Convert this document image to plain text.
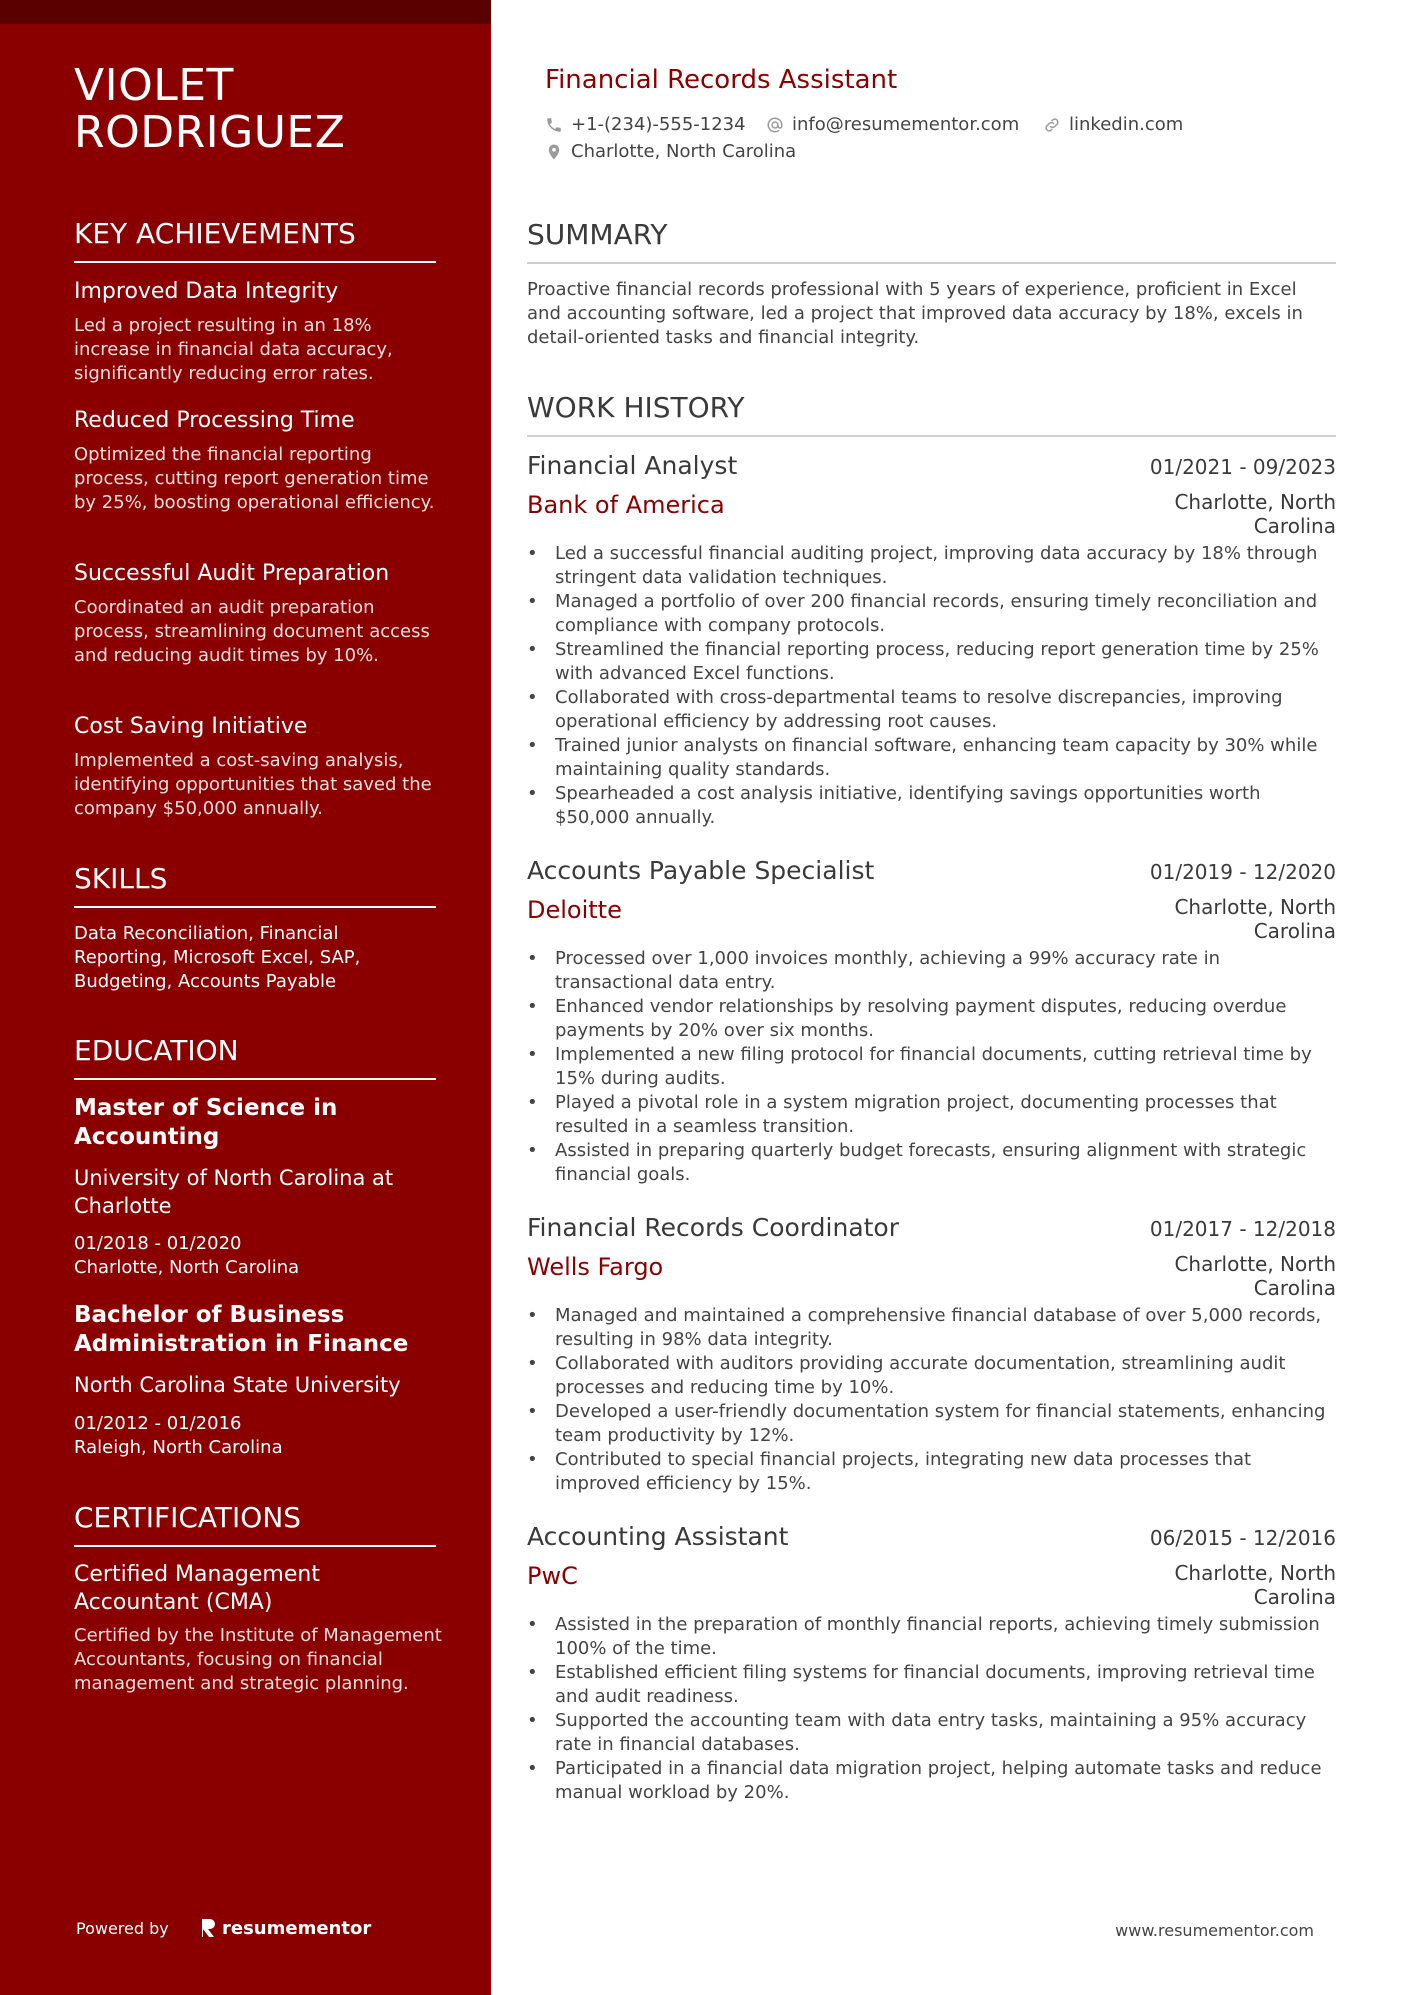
VIOLET RODRIGUEZ
KEY ACHIEVEMENTS
Improved Data Integrity
Led a project resulting in an 18% increase in financial data accuracy, significantly reducing error rates.
Reduced Processing Time
Optimized the financial reporting process, cutting report generation time by 25%, boosting operational efficiency.
Successful Audit Preparation
Coordinated an audit preparation process, streamlining document access and reducing audit times by 10%.
Cost Saving Initiative
Implemented a cost-saving analysis, identifying opportunities that saved the company $50,000 annually.
SKILLS
Data Reconciliation, Financial Reporting, Microsoft Excel, SAP, Budgeting, Accounts Payable
EDUCATION
Master of Science in Accounting
University of North Carolina at Charlotte
01/2018 - 01/2020
Charlotte, North Carolina
Bachelor of Business Administration in Finance
North Carolina State University
01/2012 - 01/2016
Raleigh, North Carolina
CERTIFICATIONS
Certified Management Accountant (CMA)
Certified by the Institute of Management Accountants, focusing on financial management and strategic planning.
Powered by	resumementor
Financial Records Assistant
+1-(234)-555-1234	info@resumementor.com	linkedin.com
Charlotte, North Carolina
SUMMARY
Proactive financial records professional with 5 years of experience, proficient in Excel and accounting software, led a project that improved data accuracy by 18%, excels in detail-oriented tasks and financial integrity.
WORK HISTORY
Financial Analyst	01/2021 - 09/2023
Bank of America	Charlotte, North Carolina
• Led a successful financial auditing project, improving data accuracy by 18% through stringent data validation techniques.
• Managed a portfolio of over 200 financial records, ensuring timely reconciliation and compliance with company protocols.
• Streamlined the financial reporting process, reducing report generation time by 25% with advanced Excel functions.
• Collaborated with cross-departmental teams to resolve discrepancies, improving operational efficiency by addressing root causes.
• Trained junior analysts on financial software, enhancing team capacity by 30% while maintaining quality standards.
• Spearheaded a cost analysis initiative, identifying savings opportunities worth $50,000 annually.
Accounts Payable Specialist	01/2019 - 12/2020
Deloitte	Charlotte, North Carolina
• Processed over 1,000 invoices monthly, achieving a 99% accuracy rate in transactional data entry.
• Enhanced vendor relationships by resolving payment disputes, reducing overdue payments by 20% over six months.
• Implemented a new filing protocol for financial documents, cutting retrieval time by 15% during audits.
• Played a pivotal role in a system migration project, documenting processes that resulted in a seamless transition.
• Assisted in preparing quarterly budget forecasts, ensuring alignment with strategic financial goals.
Financial Records Coordinator	01/2017 - 12/2018
Wells Fargo	Charlotte, North Carolina
• Managed and maintained a comprehensive financial database of over 5,000 records, resulting in 98% data integrity.
• Collaborated with auditors providing accurate documentation, streamlining audit processes and reducing time by 10%.
• Developed a user-friendly documentation system for financial statements, enhancing team productivity by 12%.
• Contributed to special financial projects, integrating new data processes that improved efficiency by 15%.
Accounting Assistant	06/2015 - 12/2016
PwC	Charlotte, North Carolina
• Assisted in the preparation of monthly financial reports, achieving timely submission 100% of the time.
• Established efficient filing systems for financial documents, improving retrieval time and audit readiness.
• Supported the accounting team with data entry tasks, maintaining a 95% accuracy rate in financial databases.
• Participated in a financial data migration project, helping automate tasks and reduce manual workload by 20%.
www.resumementor.com
